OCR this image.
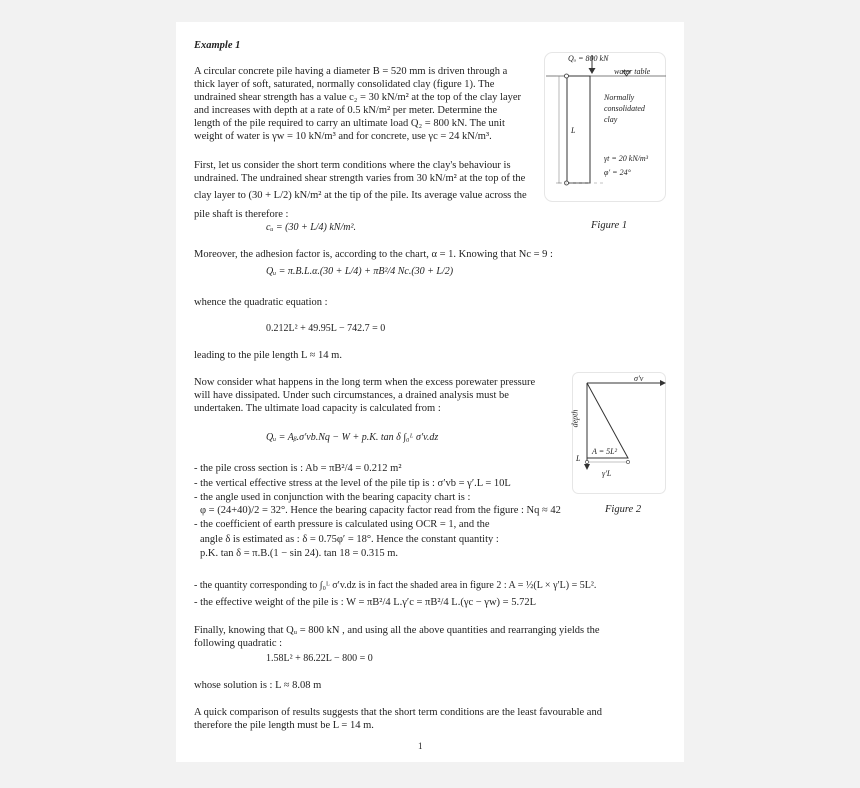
Example 1
A circular concrete pile having a diameter B = 520 mm is driven through a
thick layer of soft, saturated, normally consolidated clay (figure 1). The
undrained shear strength has a value c₂ = 30 kN/m² at the top of the clay layer
and increases with depth at a rate of 0.5 kN/m² per meter. Determine the
length of the pile required to carry an ultimate load Q₂ = 800 kN. The unit
weight of water is γw = 10 kN/m³ and for concrete, use γc = 24 kN/m³.
First, let us consider the short term conditions where the clay's behaviour is
undrained. The undrained shear strength varies from 30 kN/m² at the top of the
clay layer to (30 + L/2) kN/m² at the tip of the pile. Its average value across the
pile shaft is therefore :
cᵤ = (30 + L/4) kN/m².
Moreover, the adhesion factor is, according to the chart, α = 1. Knowing that Nc = 9 :
Qᵤ = π.B.L.α.(30 + L/4) + πB²/4 Nc.(30 + L/2)
whence the quadratic equation :
0.212L² + 49.95L − 742.7 = 0
leading to the pile length L ≈ 14 m.
Now consider what happens in the long term when the excess porewater pressure
will have dissipated. Under such circumstances, a drained analysis must be
undertaken. The ultimate load capacity is calculated from :
Qᵤ = Aᵦ.σ′vb.Nq − W + p.K. tan δ ∫₀ᴸ σ′v.dz
- the pile cross section is : Ab = πB²/4 = 0.212 m²
- the vertical effective stress at the level of the pile tip is : σ′vb = γ′.L = 10L
- the angle used in conjunction with the bearing capacity chart is :
φ = (24+40)/2 = 32°. Hence the bearing capacity factor read from the figure : Nq ≈ 42
- the coefficient of earth pressure is calculated using OCR = 1, and the
angle δ is estimated as : δ = 0.75φ′ = 18°. Hence the constant quantity :
p.K. tan δ = π.B.(1 − sin 24). tan 18 = 0.315 m.
- the quantity corresponding to ∫₀ᴸ σ′v.dz is in fact the shaded area in figure 2 : A = ½(L × γ′L) = 5L².
- the effective weight of the pile is : W = πB²/4 L.γ′c = πB²/4 L.(γc − γw) = 5.72L
Finally, knowing that Qᵤ = 800 kN , and using all the above quantities and rearranging yields the
following quadratic :
1.58L² + 86.22L − 800 = 0
whose solution is : L ≈ 8.08 m
A quick comparison of results suggests that the short term conditions are the least favourable and
therefore the pile length must be L = 14 m.
1
Qᵤ = 800 kN
water table
Normally
consolidated
clay
L
γt = 20 kN/m³
φ′ = 24°
Figure 1
σ′v
depth
A = 5L²
L
γ′L
Figure 2
